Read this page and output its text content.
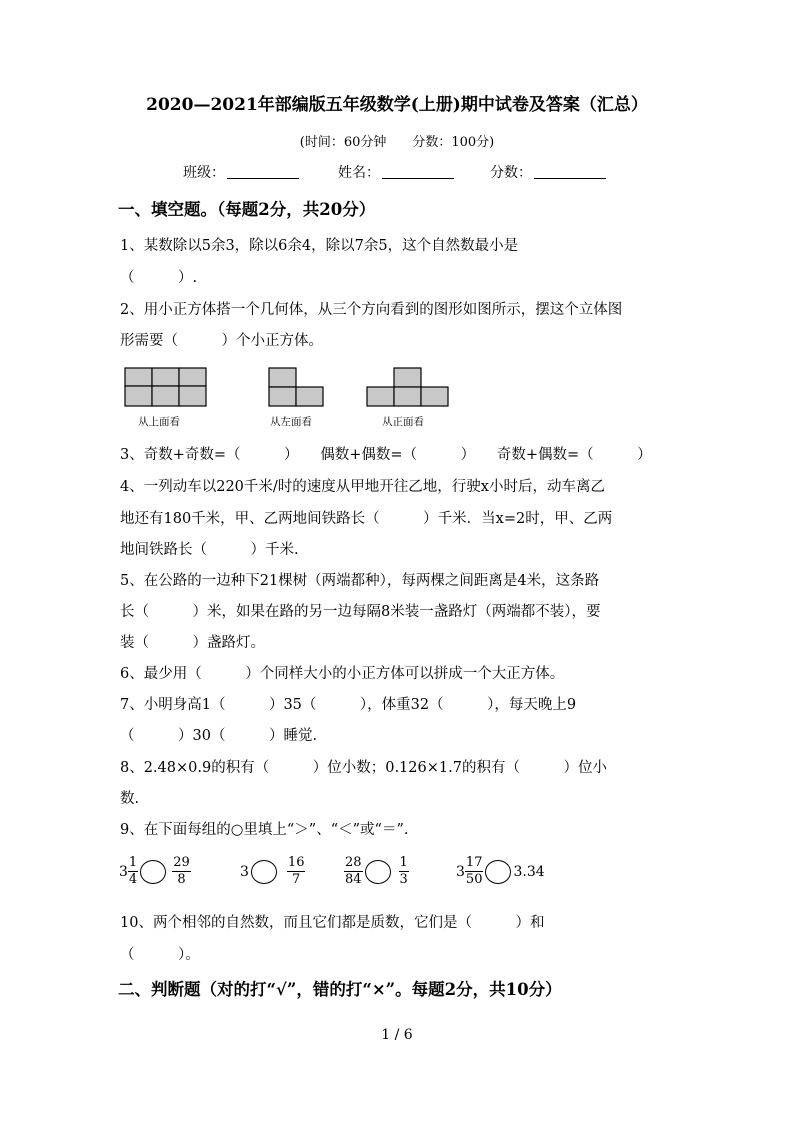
2020—2021年部编版五年级数学(上册)期中试卷及答案（汇总）
(时间：60分钟　　分数：100分)
班级：	姓名：	分数：
一、填空题。（每题2分，共20分）
1、某数除以5余3，除以6余4，除以7余5，这个自然数最小是
（　　　）.
2、用小正方体搭一个几何体，从三个方向看到的图形如图所示，摆这个立体图
形需要（　　　）个小正方体。
从上面看	从左面看	从正面看
3、奇数+奇数=（　　　）　　偶数+偶数=（　　　）　　奇数+偶数=（　　　）
4、一列动车以220千米/时的速度从甲地开往乙地，行驶x小时后，动车离乙
地还有180千米，甲、乙两地间铁路长（　　　）千米．当x=2时，甲、乙两
地间铁路长（　　　）千米.
5、在公路的一边种下21棵树（两端都种），每两棵之间距离是4米，这条路
长（　　　）米，如果在路的另一边每隔8米装一盏路灯（两端都不装），要
装（　　　）盏路灯。
6、最少用（　　　）个同样大小的小正方体可以拼成一个大正方体。
7、小明身高1（　　　）35（　　　），体重32（　　　），每天晚上9
（　　　）30（　　　）睡觉.
8、2.48×0.9的积有（　　　）位小数；0.126×1.7的积有（　　　）位小
数.
9、在下面每组的○里填上“＞”、“＜”或“＝”.
$3 \frac{1}{4}$	$\frac{29}{8}$	3	$\frac{16}{7}$	$\frac{28}{84}$	$\frac{1}{3}$	$3 \frac{17}{50} 3.34$
10、两个相邻的自然数，而且它们都是质数，它们是（　　　）和
（　　　）。
二、判断题（对的打“√”，错的打“×”。每题2分，共10分）
1 / 6
